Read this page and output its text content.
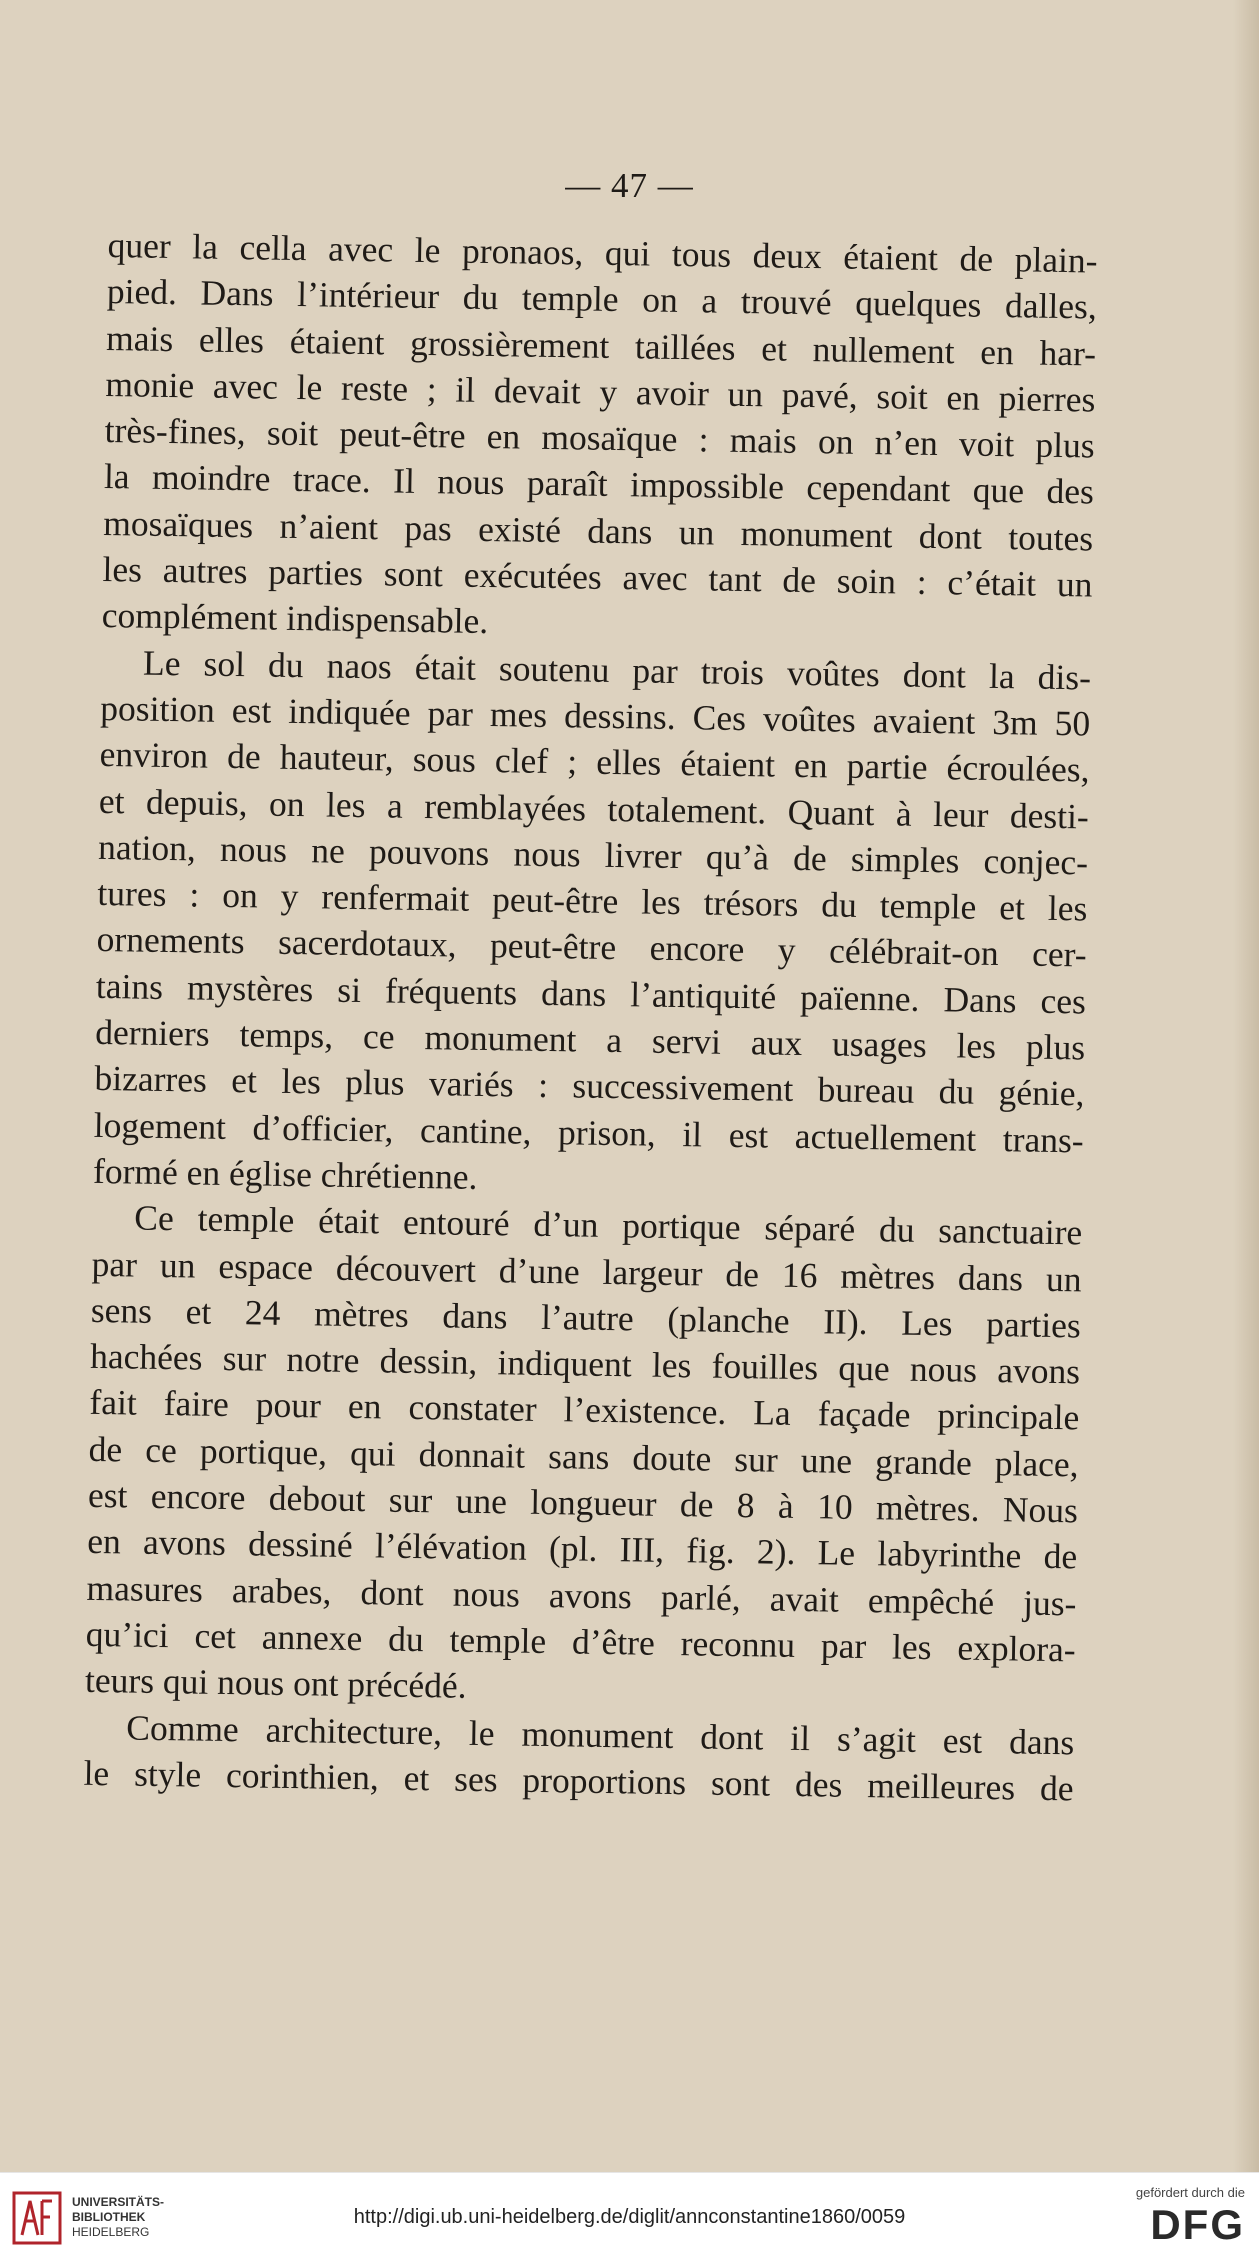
— 47 —

quer la cella avec le pronaos, qui tous deux étaient de plain-
pied. Dans l’intérieur du temple on a trouvé quelques dalles,
mais elles étaient grossièrement taillées et nullement en har-
monie avec le reste ; il devait y avoir un pavé, soit en pierres
très-fines, soit peut-être en mosaïque : mais on n’en voit plus
la moindre trace. Il nous paraît impossible cependant que des
mosaïques n’aient pas existé dans un monument dont toutes
les autres parties sont exécutées avec tant de soin : c’était un
complément indispensable.

Le sol du naos était soutenu par trois voûtes dont la dis-
position est indiquée par mes dessins. Ces voûtes avaient 3m 50
environ de hauteur, sous clef ; elles étaient en partie écroulées,
et depuis, on les a remblayées totalement. Quant à leur desti-
nation, nous ne pouvons nous livrer qu’à de simples conjec-
tures : on y renfermait peut-être les trésors du temple et les
ornements sacerdotaux, peut-être encore y célébrait-on cer-
tains mystères si fréquents dans l’antiquité païenne. Dans ces
derniers temps, ce monument a servi aux usages les plus
bizarres et les plus variés : successivement bureau du génie,
logement d’officier, cantine, prison, il est actuellement trans-
formé en église chrétienne.

Ce temple était entouré d’un portique séparé du sanctuaire
par un espace découvert d’une largeur de 16 mètres dans un
sens et 24 mètres dans l’autre (planche II). Les parties
hachées sur notre dessin, indiquent les fouilles que nous avons
fait faire pour en constater l’existence. La façade principale
de ce portique, qui donnait sans doute sur une grande place,
est encore debout sur une longueur de 8 à 10 mètres. Nous
en avons dessiné l’élévation (pl. III, fig. 2). Le labyrinthe de
masures arabes, dont nous avons parlé, avait empêché jus-
qu’ici cet annexe du temple d’être reconnu par les explora-
teurs qui nous ont précédé.

Comme architecture, le monument dont il s’agit est dans
le style corinthien, et ses proportions sont des meilleures de

UNIVERSITÄTS-
BIBLIOTHEK
HEIDELBERG
http://digi.ub.uni-heidelberg.de/diglit/annconstantine1860/0059
gefördert durch die
DFG
